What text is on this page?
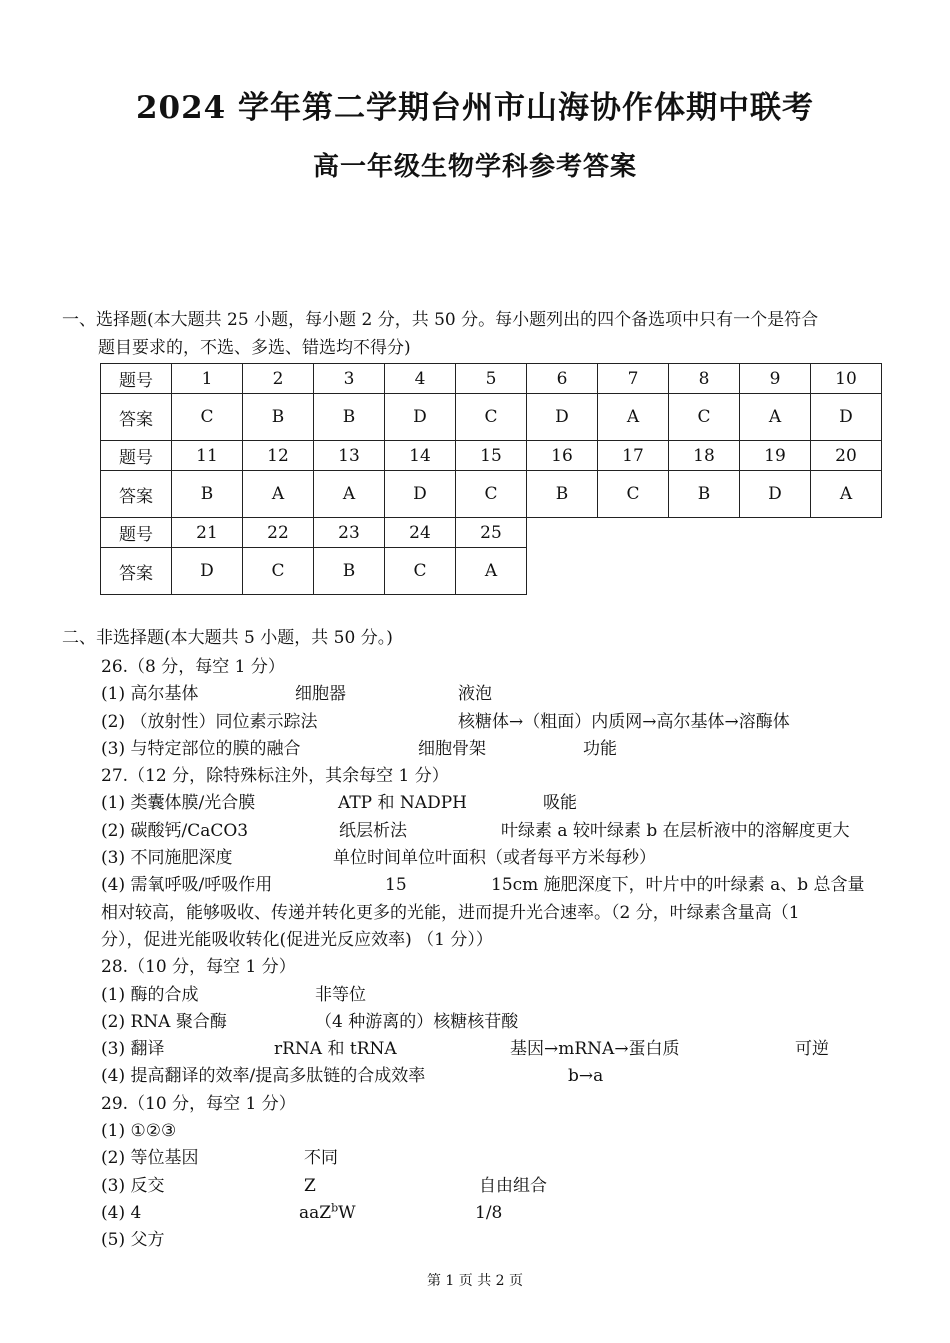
2024 学年第二学期台州市山海协作体期中联考
高一年级生物学科参考答案
一、选择题(本大题共 25 小题，每小题 2 分，共 50 分。每小题列出的四个备选项中只有一个是符合
题目要求的，不选、多选、错选均不得分)
题号	1	2	3	4	5	6	7	8	9	10
答案	C	B	B	D	C	D	A	C	A	D
题号	11	12	13	14	15	16	17	18	19	20
答案	B	A	A	D	C	B	C	B	D	A
题号	21	22	23	24	25					
答案	D	C	B	C	A					
二、非选择题(本大题共 5 小题，共 50 分。)
26.（8 分，每空 1 分）
(1) 高尔基体	细胞器	液泡
(2) （放射性）同位素示踪法	核糖体→（粗面）内质网→高尔基体→溶酶体
(3) 与特定部位的膜的融合	细胞骨架	功能
27.（12 分，除特殊标注外，其余每空 1 分）
(1) 类囊体膜/光合膜	ATP 和 NADPH	吸能
(2) 碳酸钙/CaCO3	纸层析法	叶绿素 a 较叶绿素 b 在层析液中的溶解度更大
(3) 不同施肥深度	单位时间单位叶面积（或者每平方米每秒）
(4) 需氧呼吸/呼吸作用	15	15cm 施肥深度下，叶片中的叶绿素 a、b 总含量
相对较高，能够吸收、传递并转化更多的光能，进而提升光合速率。（2 分，叶绿素含量高（1
分），促进光能吸收转化(促进光反应效率) （1 分））
28.（10 分，每空 1 分）
(1) 酶的合成	非等位
(2) RNA 聚合酶	（4 种游离的）核糖核苷酸
(3) 翻译	rRNA 和 tRNA	基因→mRNA→蛋白质	可逆
(4) 提高翻译的效率/提高多肽链的合成效率	b→a
29.（10 分，每空 1 分）
(1) ①②③
(2) 等位基因	不同
(3) 反交	Z	自由组合
(4) 4	aaZ$^b$W	1/8
(5) 父方
第 1 页 共 2 页
